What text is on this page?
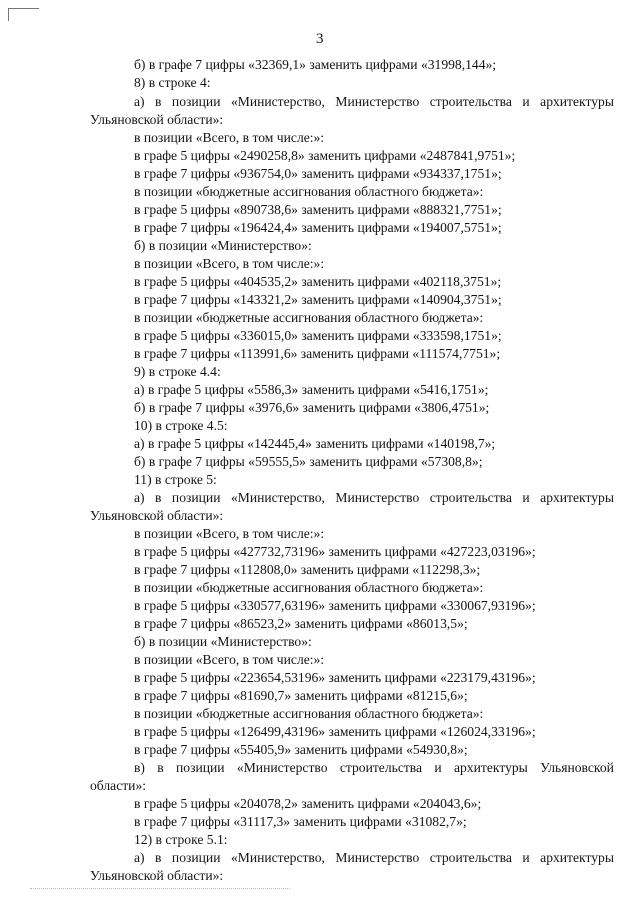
3
б) в графе 7 цифры «32369,1» заменить цифрами «31998,144»;
8) в строке 4:
а) в позиции «Министерство, Министерство строительства и архитектуры
Ульяновской области»:
в позиции «Всего, в том числе:»:
в графе 5 цифры «2490258,8» заменить цифрами «2487841,9751»;
в графе 7 цифры «936754,0» заменить цифрами «934337,1751»;
в позиции «бюджетные ассигнования областного бюджета»:
в графе 5 цифры «890738,6» заменить цифрами «888321,7751»;
в графе 7 цифры «196424,4» заменить цифрами «194007,5751»;
б) в позиции «Министерство»:
в позиции «Всего, в том числе:»:
в графе 5 цифры «404535,2» заменить цифрами «402118,3751»;
в графе 7 цифры «143321,2» заменить цифрами «140904,3751»;
в позиции «бюджетные ассигнования областного бюджета»:
в графе 5 цифры «336015,0» заменить цифрами «333598,1751»;
в графе 7 цифры «113991,6» заменить цифрами «111574,7751»;
9) в строке 4.4:
а) в графе 5 цифры «5586,3» заменить цифрами «5416,1751»;
б) в графе 7 цифры «3976,6» заменить цифрами «3806,4751»;
10) в строке 4.5:
а) в графе 5 цифры «142445,4» заменить цифрами «140198,7»;
б) в графе 7 цифры «59555,5» заменить цифрами «57308,8»;
11) в строке 5:
а) в позиции «Министерство, Министерство строительства и архитектуры
Ульяновской области»:
в позиции «Всего, в том числе:»:
в графе 5 цифры «427732,73196» заменить цифрами «427223,03196»;
в графе 7 цифры «112808,0» заменить цифрами «112298,3»;
в позиции «бюджетные ассигнования областного бюджета»:
в графе 5 цифры «330577,63196» заменить цифрами «330067,93196»;
в графе 7 цифры «86523,2» заменить цифрами «86013,5»;
б) в позиции «Министерство»:
в позиции «Всего, в том числе:»:
в графе 5 цифры «223654,53196» заменить цифрами «223179,43196»;
в графе 7 цифры «81690,7» заменить цифрами «81215,6»;
в позиции «бюджетные ассигнования областного бюджета»:
в графе 5 цифры «126499,43196» заменить цифрами «126024,33196»;
в графе 7 цифры «55405,9» заменить цифрами «54930,8»;
в) в позиции «Министерство строительства и архитектуры Ульяновской
области»:
в графе 5 цифры «204078,2» заменить цифрами «204043,6»;
в графе 7 цифры «31117,3» заменить цифрами «31082,7»;
12) в строке 5.1:
а) в позиции «Министерство, Министерство строительства и архитектуры
Ульяновской области»:
